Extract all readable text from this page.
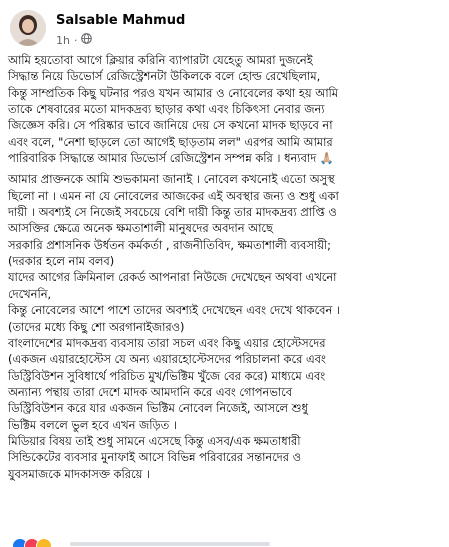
Salsable Mahmud
1h ·

আমি হয়তোবা আগে ক্লিয়ার করিনি ব্যাপারটা যেহেতু আমরা দুজনেই
সিদ্ধান্ত নিয়ে ডিভোর্স রেজিস্ট্রেশনটা উকিলকে বলে হোল্ড রেখেছিলাম,
কিন্তু সাম্প্রতিক কিছু ঘটনার পরও যখন আমার ও নোবেলের কথা হয় আমি
তাকে শেষবারের মতো মাদকদ্রব্য ছাড়ার কথা এবং চিকিৎসা নেবার জন্য
জিজ্ঞেস করি। সে পরিষ্কার ভাবে জানিয়ে দেয় সে কখনো মাদক ছাড়বে না
এবং বলে, "নেশা ছাড়লে তো আগেই ছাড়তাম লল" এরপর আমি আমার
পারিবারিক সিদ্ধান্তে আমার ডিভোর্স রেজিস্ট্রেশন সম্পন্ন করি । ধন্যবাদ 🙏🏼

আমার প্রাক্তনকে আমি শুভকামনা জানাই । নোবেল কখনোই এতো অসুস্থ
ছিলো না । এমন না যে নোবেলের আজকের এই অবস্থার জন্য ও শুধু একা
দায়ী । অবশ্যই সে নিজেই সবচেয়ে বেশি দায়ী কিন্তু তার মাদকদ্রব্য প্রাপ্তি ও
আসক্তির ক্ষেত্রে অনেক ক্ষমতাশালী মানুষদের অবদান আছে
সরকারি প্রশাসনিক উর্ধতন কর্মকর্তা , রাজনীতিবিদ, ক্ষমতাশালী ব্যবসায়ী;
(দরকার হলে নাম বলব)
যাদের আগের ক্রিমিনাল রেকর্ড আপনারা নিউজে দেখেছেন অথবা এখনো
দেখেননি,
কিন্তু নোবেলের আশে পাশে তাদের অবশ্যই দেখেছেন এবং দেখে থাকবেন ।
(তাদের মধ্যে কিছু শো অরগানাইজারও)
বাংলাদেশের মাদকদ্রব্য ব্যবসায় তারা সচল এবং কিছু এয়ার হোস্টেসদের
(একজন এয়ারহোস্টেস যে অন্য এয়ারহোস্টেসদের পরিচালনা করে এবং
ডিস্ট্রিবিউশন সুবিধার্থে পরিচিত মুখ/ভিক্টিম খুঁজে বের করে) মাধ্যমে এবং
অন্যান্য পন্থায় তারা দেশে মাদক আমদানি করে এবং গোপনভাবে
ডিস্ট্রিবিউশন করে যার একজন ভিক্টিম নোবেল নিজেই, আসলে শুধু
ভিক্টিম বললে ভুল হবে এখন জড়িত ।
মিডিয়ার বিষয় তাই শুধু সামনে এসেছে কিন্তু এসব/এক ক্ষমতাধারী
সিন্ডিকেটের ব্যবসার মুনাফাই আসে বিভিন্ন পরিবারের সন্তানদের ও
যুবসমাজকে মাদকাসক্ত করিয়ে ।
